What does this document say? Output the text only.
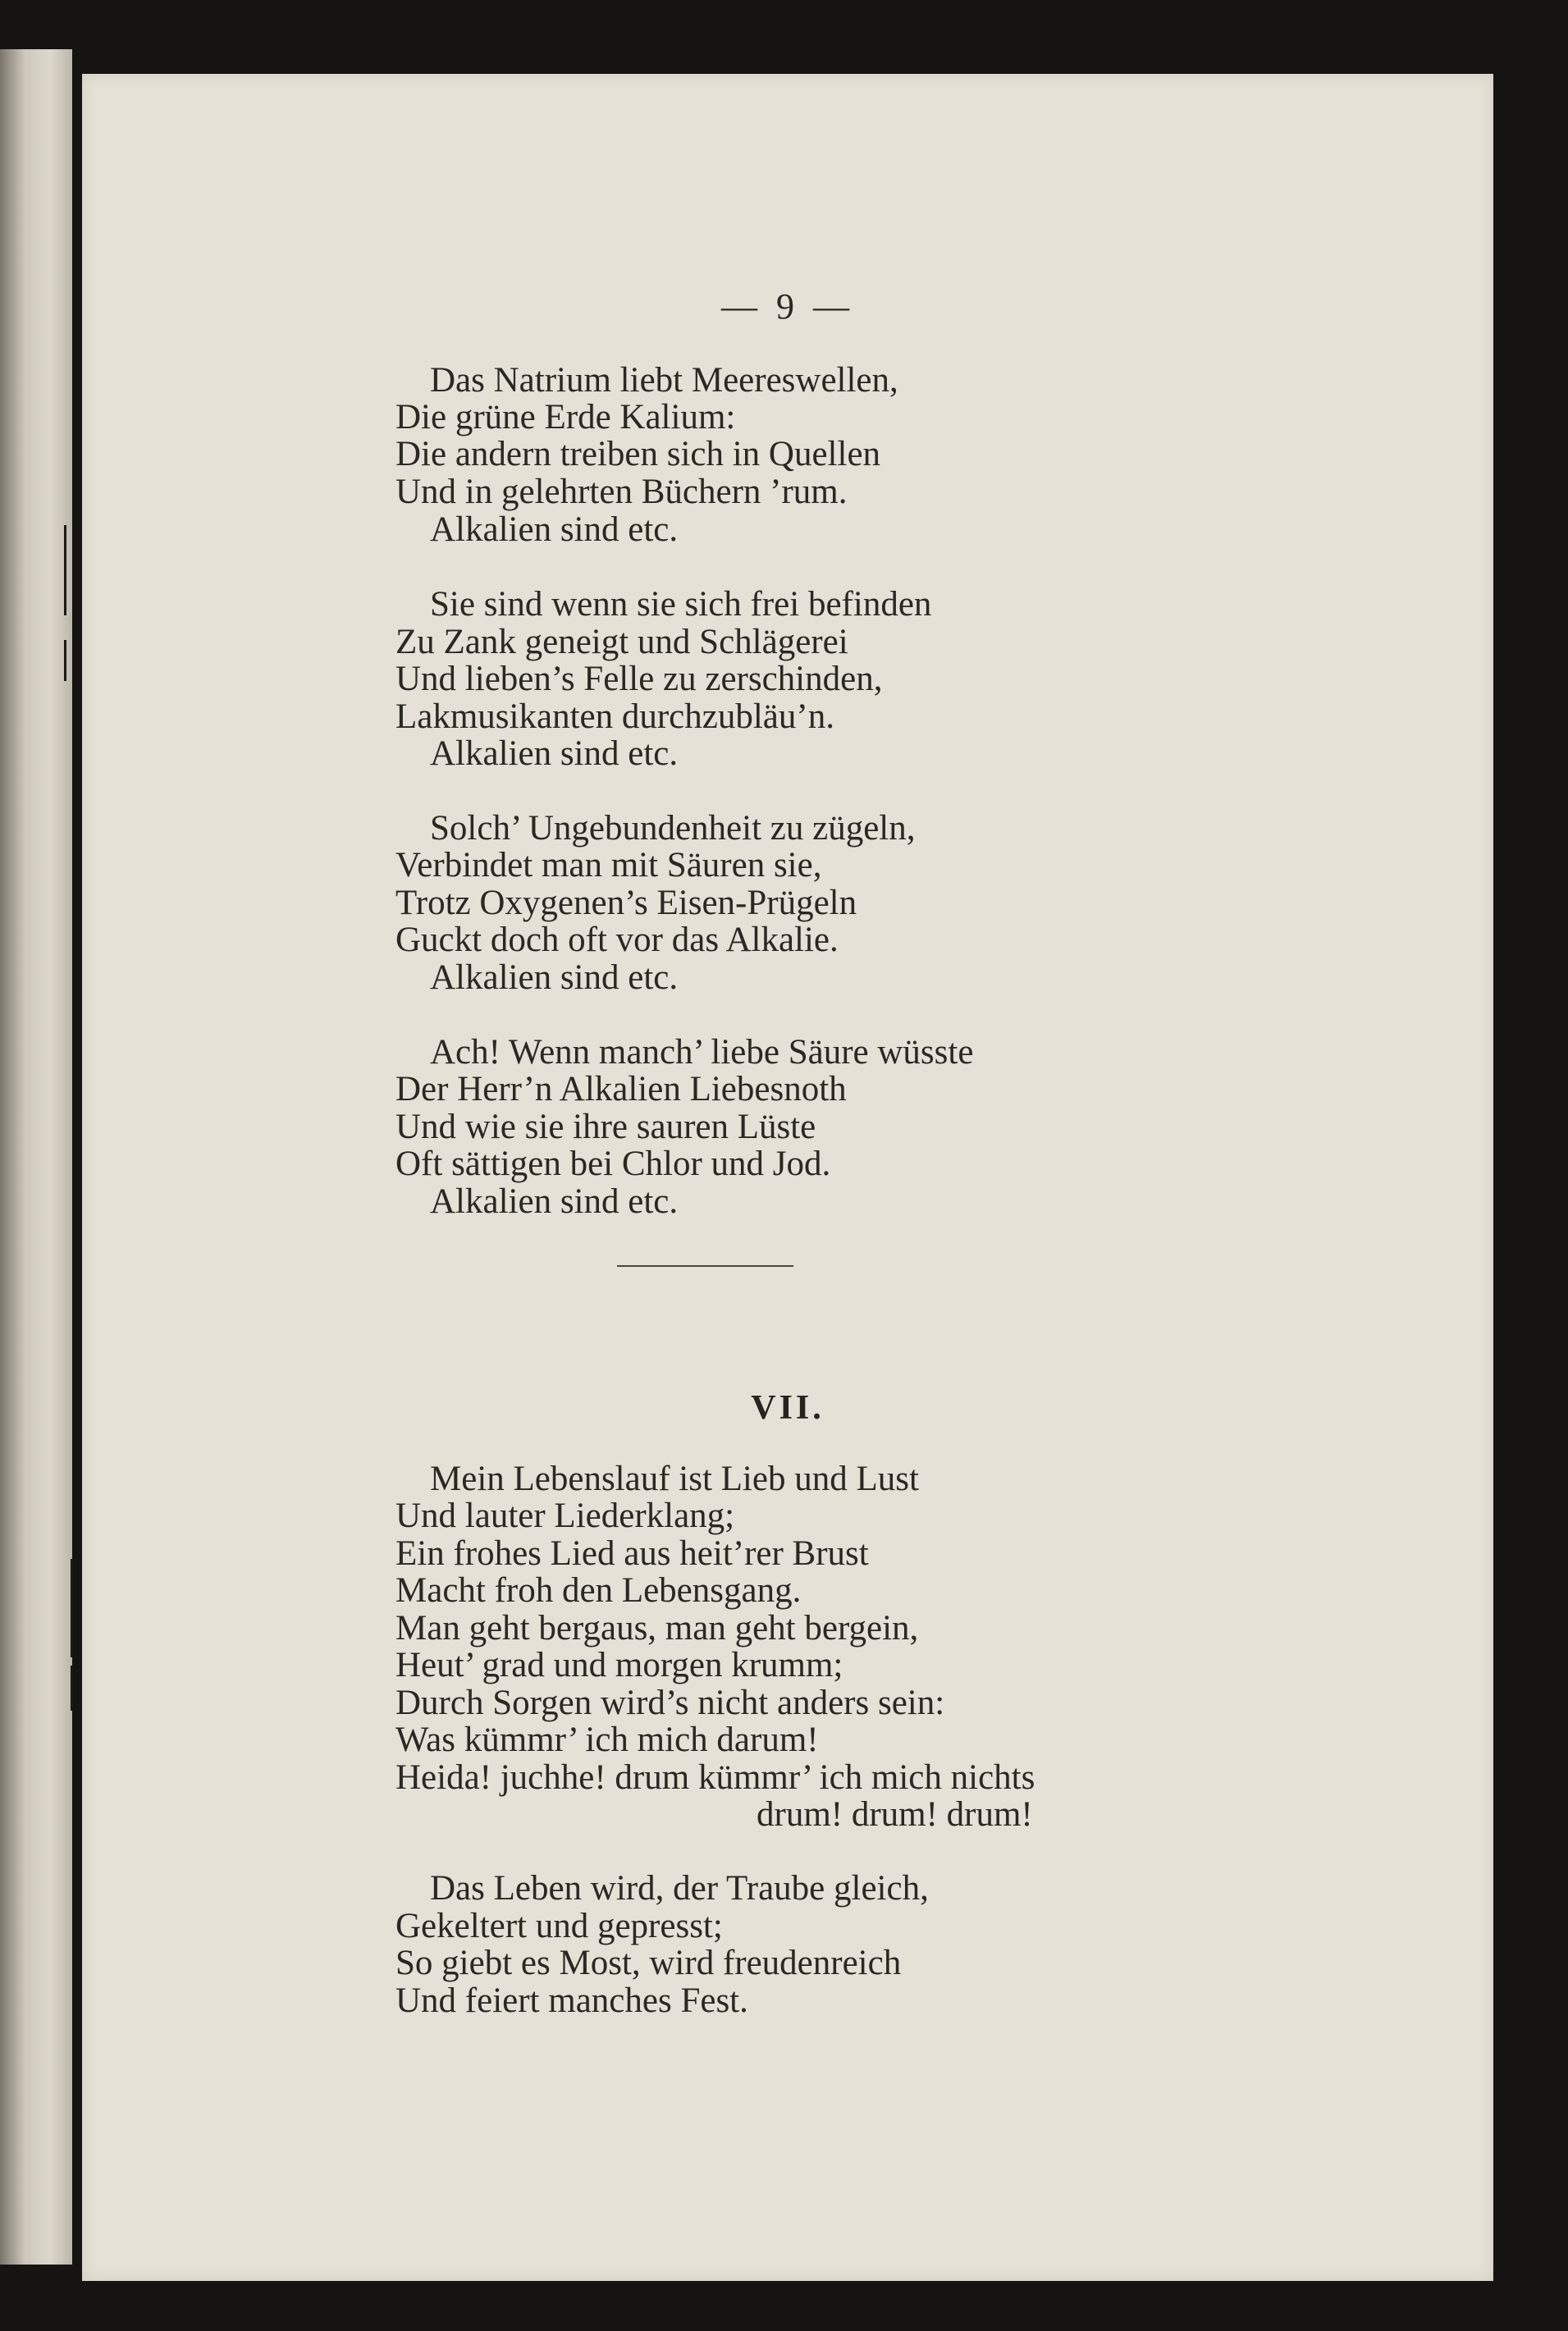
— 9 —
Das Natrium liebt Meereswellen,
Die grüne Erde Kalium:
Die andern treiben sich in Quellen
Und in gelehrten Büchern ’rum.
Alkalien sind etc.
Sie sind wenn sie sich frei befinden
Zu Zank geneigt und Schlägerei
Und lieben’s Felle zu zerschinden,
Lakmusikanten durchzubläu’n.
Alkalien sind etc.
Solch’ Ungebundenheit zu zügeln,
Verbindet man mit Säuren sie,
Trotz Oxygenen’s Eisen-Prügeln
Guckt doch oft vor das Alkalie.
Alkalien sind etc.
Ach! Wenn manch’ liebe Säure wüsste
Der Herr’n Alkalien Liebesnoth
Und wie sie ihre sauren Lüste
Oft sättigen bei Chlor und Jod.
Alkalien sind etc.
Mein Lebenslauf ist Lieb und Lust
Und lauter Liederklang;
Ein frohes Lied aus heit’rer Brust
Macht froh den Lebensgang.
Man geht bergaus, man geht bergein,
Heut’ grad und morgen krumm;
Durch Sorgen wird’s nicht anders sein:
Was kümmr’ ich mich darum!
Heida! juchhe! drum kümmr’ ich mich nichts
drum! drum! drum!
Das Leben wird, der Traube gleich,
Gekeltert und gepresst;
So giebt es Most, wird freudenreich
Und feiert manches Fest.
VII.
